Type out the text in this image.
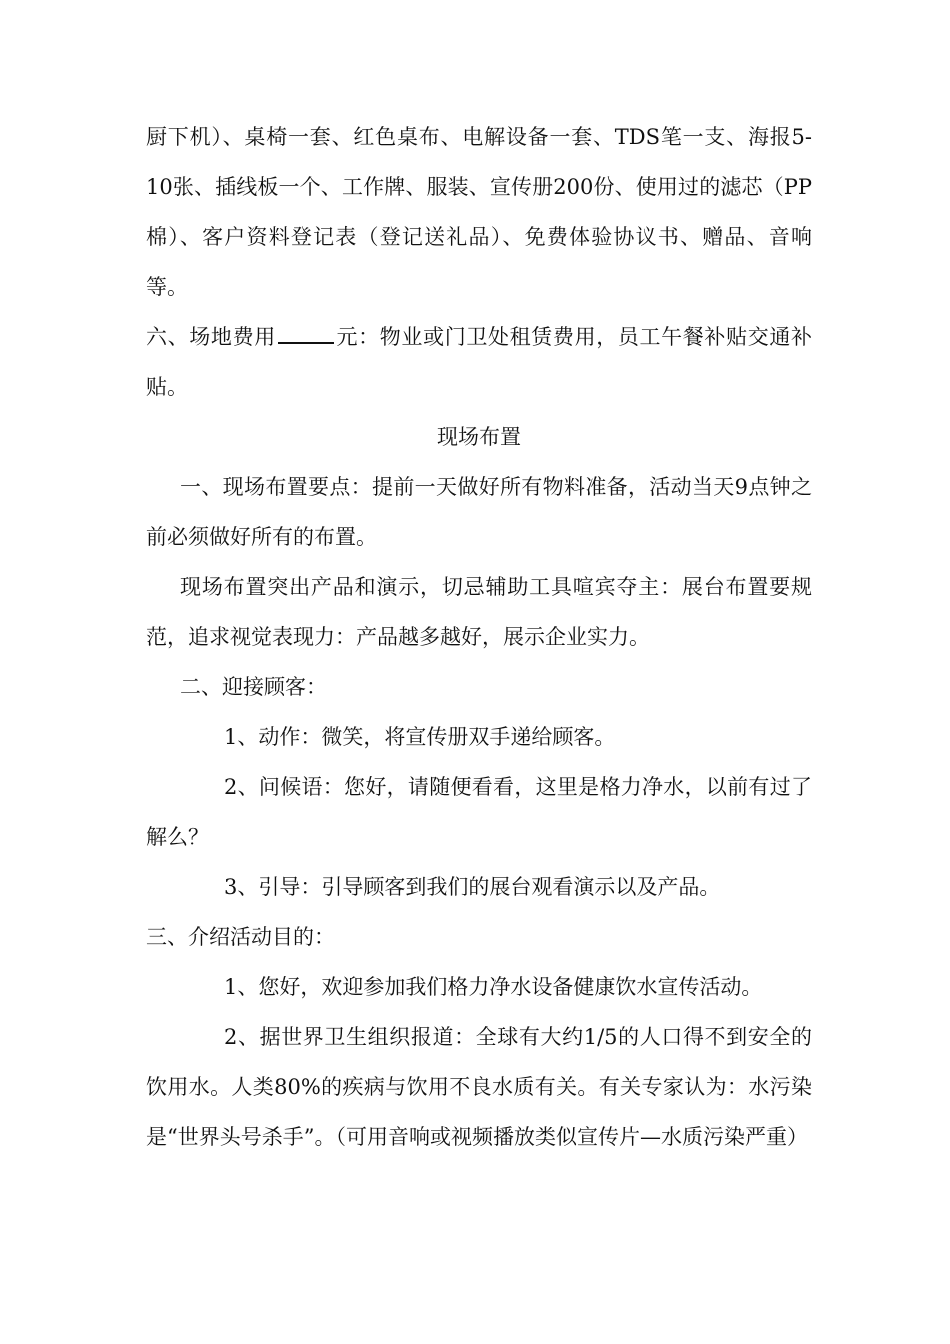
厨下机）、桌椅一套、红色桌布、电解设备一套、TDS笔一支、海报5-10张、插线板一个、工作牌、服装、宣传册200份、使用过的滤芯（PP棉）、客户资料登记表（登记送礼品）、免费体验协议书、赠品、音响等。

六、场地费用	元：物业或门卫处租赁费用，员工午餐补贴交通补贴。

现场布置

一、现场布置要点：提前一天做好所有物料准备，活动当天9点钟之前必须做好所有的布置。

现场布置突出产品和演示，切忌辅助工具喧宾夺主：展台布置要规范，追求视觉表现力：产品越多越好，展示企业实力。

二、迎接顾客：

1、动作：微笑，将宣传册双手递给顾客。

2、问候语：您好，请随便看看，这里是格力净水，以前有过了解么？

3、引导：引导顾客到我们的展台观看演示以及产品。

三、介绍活动目的：

1、您好，欢迎参加我们格力净水设备健康饮水宣传活动。

2、据世界卫生组织报道：全球有大约1/5的人口得不到安全的饮用水。人类80%的疾病与饮用不良水质有关。有关专家认为：水污染是“世界头号杀手”。（可用音响或视频播放类似宣传片—水质污染严重）
